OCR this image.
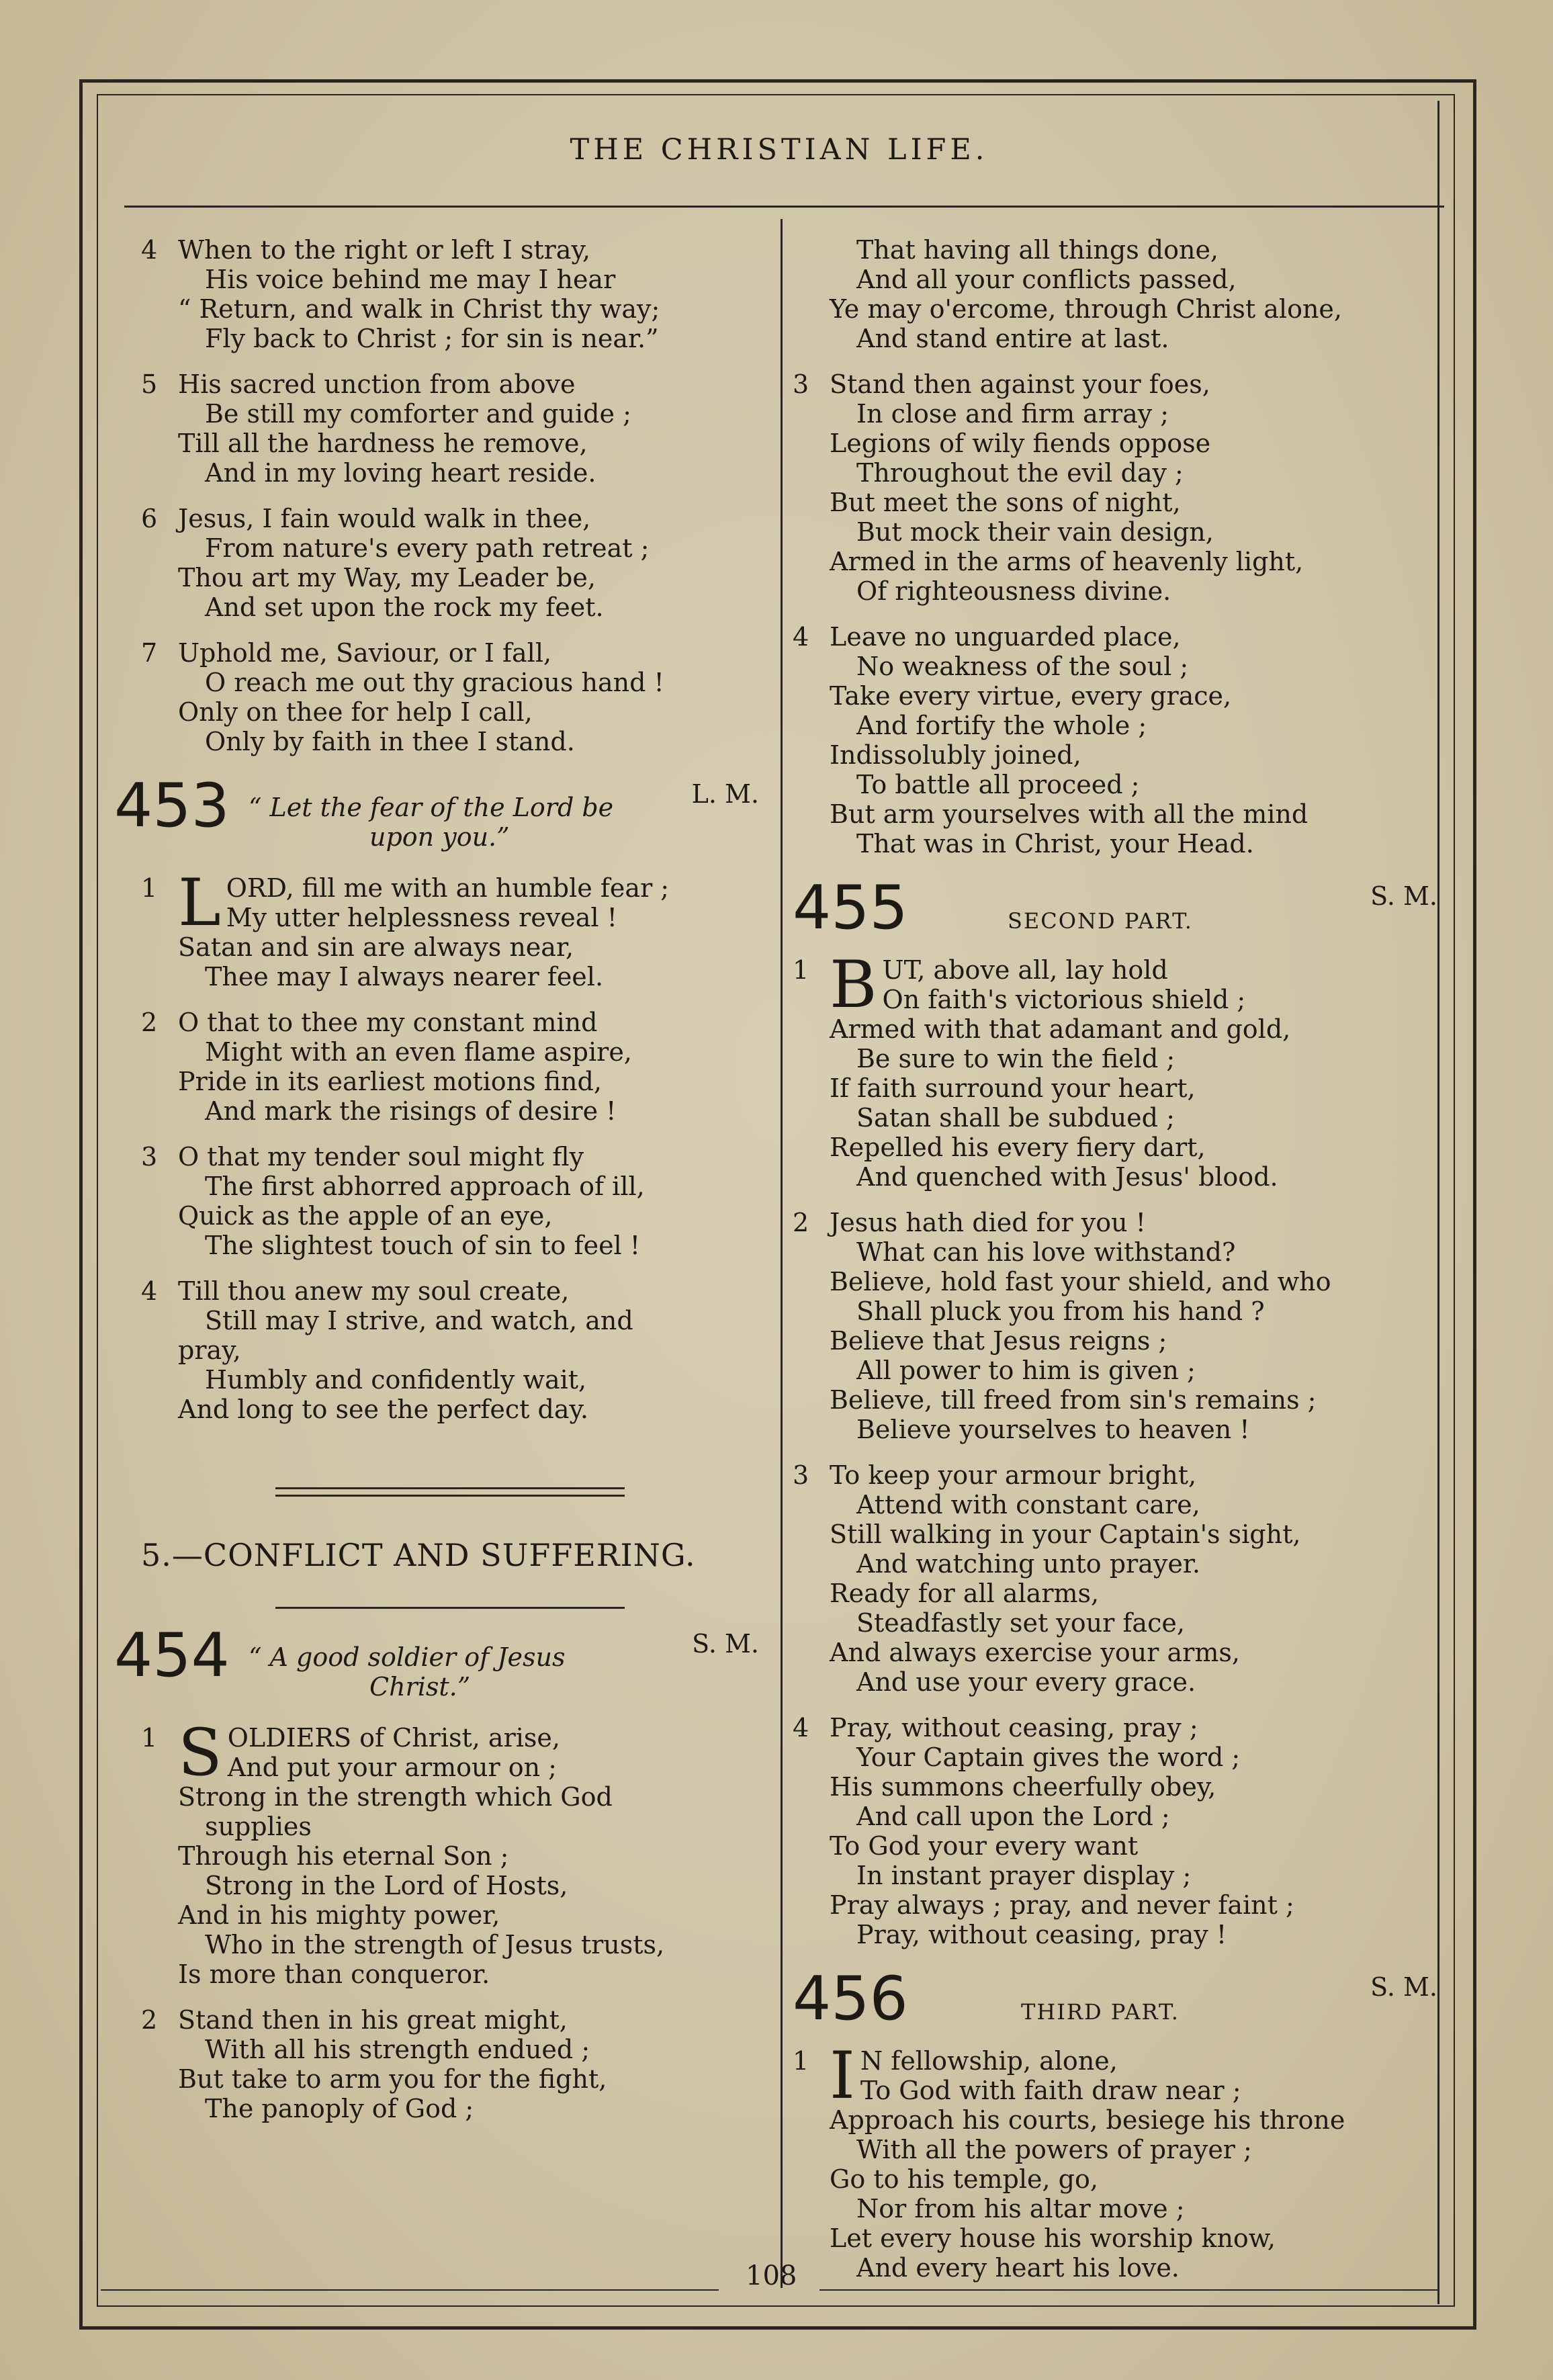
THE CHRISTIAN LIFE.
4 When to the right or left I stray,
His voice behind me may I hear
“ Return, and walk in Christ thy way;
Fly back to Christ ; for sin is near.”
5 His sacred unction from above
Be still my comforter and guide ;
Till all the hardness he remove,
And in my loving heart reside.
6 Jesus, I fain would walk in thee,
From nature's every path retreat ;
Thou art my Way, my Leader be,
And set upon the rock my feet.
7 Uphold me, Saviour, or I fall,
O reach me out thy gracious hand !
Only on thee for help I call,
Only by faith in thee I stand.
453 “ Let the fear of the Lord be
upon you.”
L. M.
1 L ORD, fill me with an humble fear ;
My utter helplessness reveal !
Satan and sin are always near,
Thee may I always nearer feel.
2 O that to thee my constant mind
Might with an even flame aspire,
Pride in its earliest motions find,
And mark the risings of desire !
3 O that my tender soul might fly
The first abhorred approach of ill,
Quick as the apple of an eye,
The slightest touch of sin to feel !
4 Till thou anew my soul create,
Still may I strive, and watch, and
pray,
Humbly and confidently wait,
And long to see the perfect day.
5.—CONFLICT AND SUFFERING.
454 “ A good soldier of Jesus
Christ.”
S. M.
1 S OLDIERS of Christ, arise,
And put your armour on ;
Strong in the strength which God
supplies
Through his eternal Son ;
Strong in the Lord of Hosts,
And in his mighty power,
Who in the strength of Jesus trusts,
Is more than conqueror.
2 Stand then in his great might,
With all his strength endued ;
But take to arm you for the fight,
The panoply of God ;
That having all things done,
And all your conflicts passed,
Ye may o'ercome, through Christ alone,
And stand entire at last.
3 Stand then against your foes,
In close and firm array ;
Legions of wily fiends oppose
Throughout the evil day ;
But meet the sons of night,
But mock their vain design,
Armed in the arms of heavenly light,
Of righteousness divine.
4 Leave no unguarded place,
No weakness of the soul ;
Take every virtue, every grace,
And fortify the whole ;
Indissolubly joined,
To battle all proceed ;
But arm yourselves with all the mind
That was in Christ, your Head.
455	SECOND PART.
S. M.
1 B UT, above all, lay hold
On faith's victorious shield ;
Armed with that adamant and gold,
Be sure to win the field ;
If faith surround your heart,
Satan shall be subdued ;
Repelled his every fiery dart,
And quenched with Jesus' blood.
2 Jesus hath died for you !
What can his love withstand?
Believe, hold fast your shield, and who
Shall pluck you from his hand ?
Believe that Jesus reigns ;
All power to him is given ;
Believe, till freed from sin's remains ;
Believe yourselves to heaven !
3 To keep your armour bright,
Attend with constant care,
Still walking in your Captain's sight,
And watching unto prayer.
Ready for all alarms,
Steadfastly set your face,
And always exercise your arms,
And use your every grace.
4 Pray, without ceasing, pray ;
Your Captain gives the word ;
His summons cheerfully obey,
And call upon the Lord ;
To God your every want
In instant prayer display ;
Pray always ; pray, and never faint ;
Pray, without ceasing, pray !
456	THIRD PART.
S. M.
1 I N fellowship, alone,
To God with faith draw near ;
Approach his courts, besiege his throne
With all the powers of prayer ;
Go to his temple, go,
Nor from his altar move ;
Let every house his worship know,
And every heart his love.
108
